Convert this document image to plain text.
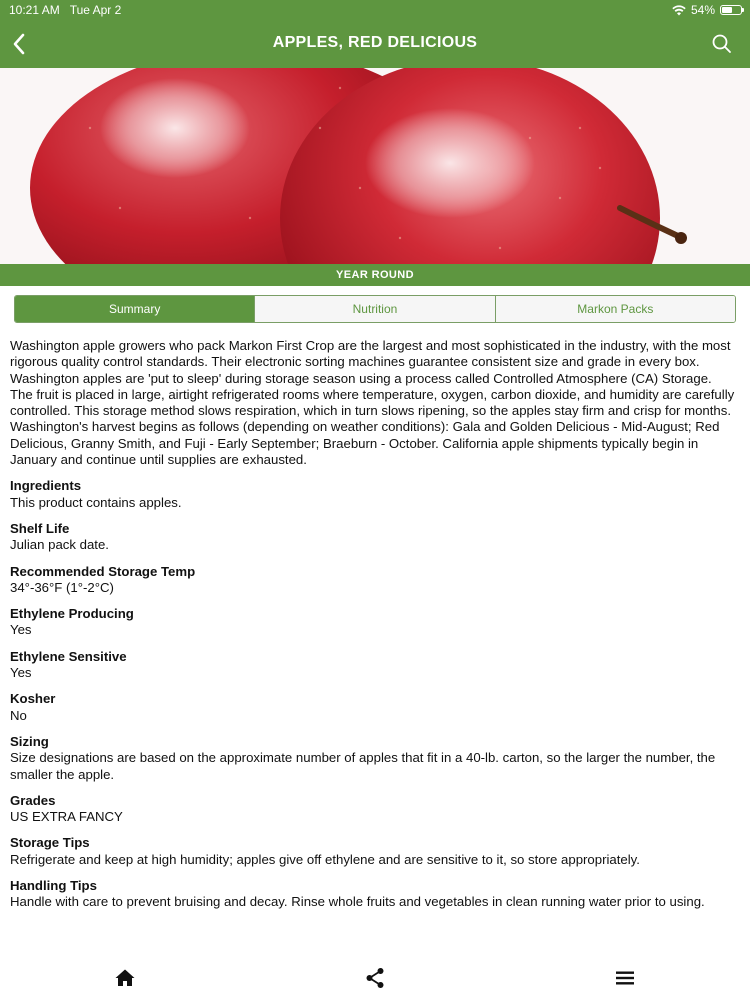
10:21 AM Tue Apr 2	54%
APPLES, RED DELICIOUS
YEAR ROUND
Summary	Nutrition	Markon Packs

Washington apple growers who pack Markon First Crop are the largest and most sophisticated in the industry, with the most rigorous quality control standards. Their electronic sorting machines guarantee consistent size and grade in every box. Washington apples are 'put to sleep' during storage season using a process called Controlled Atmosphere (CA) Storage. The fruit is placed in large, airtight refrigerated rooms where temperature, oxygen, carbon dioxide, and humidity are carefully controlled. This storage method slows respiration, which in turn slows ripening, so the apples stay firm and crisp for months. Washington's harvest begins as follows (depending on weather conditions): Gala and Golden Delicious - Mid-August; Red Delicious, Granny Smith, and Fuji - Early September; Braeburn - October. California apple shipments typically begin in January and continue until supplies are exhausted.

Ingredients
This product contains apples.
Shelf Life
Julian pack date.
Recommended Storage Temp
34°-36°F (1°-2°C)
Ethylene Producing
Yes
Ethylene Sensitive
Yes
Kosher
No
Sizing
Size designations are based on the approximate number of apples that fit in a 40-lb. carton, so the larger the number, the smaller the apple.
Grades
US EXTRA FANCY
Storage Tips
Refrigerate and keep at high humidity; apples give off ethylene and are sensitive to it, so store appropriately.
Handling Tips
Handle with care to prevent bruising and decay. Rinse whole fruits and vegetables in clean running water prior to using.
